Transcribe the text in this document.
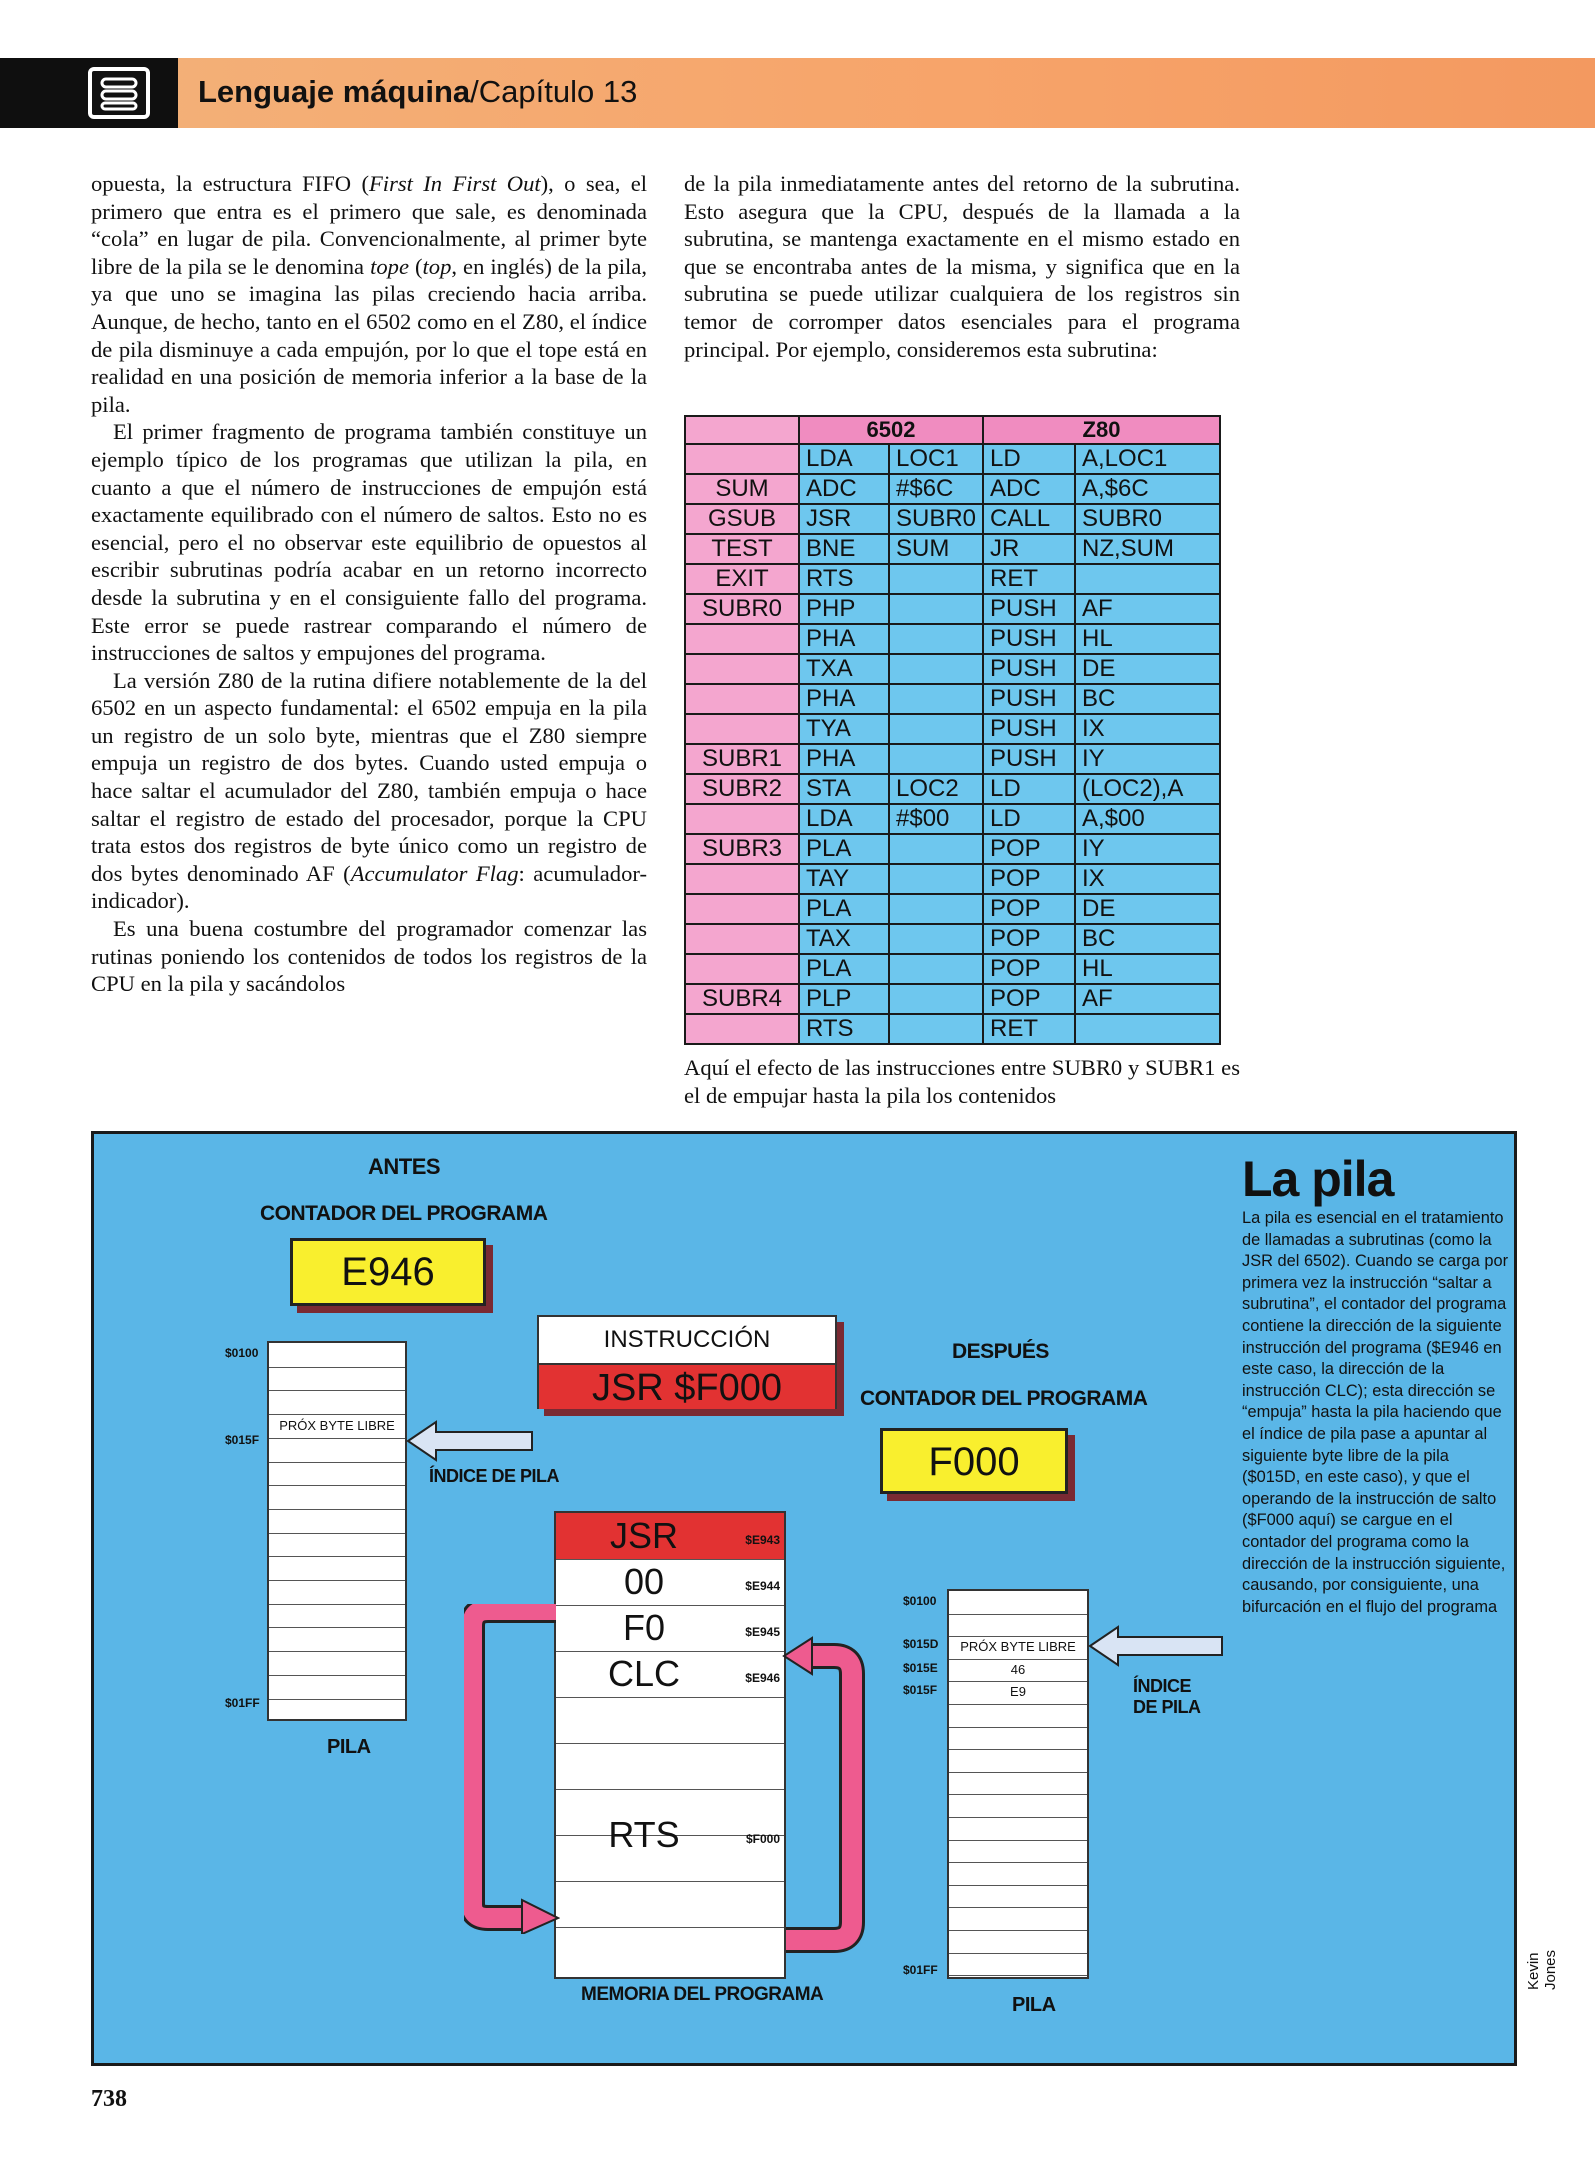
Lenguaje máquina/Capítulo 13

opuesta, la estructura FIFO (First In First Out), o sea, el primero que entra es el primero que sale, es denominada “cola” en lugar de pila. Convencionalmente, al primer byte libre de la pila se le denomina tope (top, en inglés) de la pila, ya que uno se imagina las pilas creciendo hacia arriba. Aunque, de hecho, tanto en el 6502 como en el Z80, el índice de pila disminuye a cada empujón, por lo que el tope está en realidad en una posición de memoria inferior a la base de la pila.

El primer fragmento de programa también constituye un ejemplo típico de los programas que utilizan la pila, en cuanto a que el número de instrucciones de empujón está exactamente equilibrado con el número de saltos. Esto no es esencial, pero el no observar este equilibrio de opuestos al escribir subrutinas podría acabar en un retorno incorrecto desde la subrutina y en el consiguiente fallo del programa. Este error se puede rastrear comparando el número de instrucciones de saltos y empujones del programa.

La versión Z80 de la rutina difiere notablemente de la del 6502 en un aspecto fundamental: el 6502 empuja en la pila un registro de un solo byte, mientras que el Z80 siempre empuja un registro de dos bytes. Cuando usted empuja o hace saltar el acumulador del Z80, también empuja o hace saltar el registro de estado del procesador, porque la CPU trata estos dos registros de byte único como un registro de dos bytes denominado AF (Accumulator Flag: acumulador-indicador).

Es una buena costumbre del programador comenzar las rutinas poniendo los contenidos de todos los registros de la CPU en la pila y sacándolos

de la pila inmediatamente antes del retorno de la subrutina. Esto asegura que la CPU, después de la llamada a la subrutina, se mantenga exactamente en el mismo estado en que se encontraba antes de la misma, y significa que en la subrutina se puede utilizar cualquiera de los registros sin temor de corromper datos esenciales para el programa principal. Por ejemplo, consideremos esta subrutina:

	6502		Z80	
	LDA	LOC1	LD	A,LOC1
SUM	ADC	#$6C	ADC	A,$6C
GSUB	JSR	SUBR0	CALL	SUBR0
TEST	BNE	SUM	JR	NZ,SUM
EXIT	RTS		RET	
SUBR0	PHP		PUSH	AF
	PHA		PUSH	HL
	TXA		PUSH	DE
	PHA		PUSH	BC
	TYA		PUSH	IX
SUBR1	PHA		PUSH	IY
SUBR2	STA	LOC2	LD	(LOC2),A
	LDA	#$00	LD	A,$00
SUBR3	PLA		POP	IY
	TAY		POP	IX
	PLA		POP	DE
	TAX		POP	BC
	PLA		POP	HL
SUBR4	PLP		POP	AF
	RTS		RET	

Aquí el efecto de las instrucciones entre SUBR0 y SUBR1 es el de empujar hasta la pila los contenidos

ANTES
CONTADOR DEL PROGRAMA
E946
$0100
$015F
$01FF
PRÓX BYTE LIBRE
PILA
ÍNDICE DE PILA
INSTRUCCIÓN
JSR $F000
DESPUÉS
CONTADOR DEL PROGRAMA
F000
JSR	$E943
00	$E944
F0	$E945
CLC	$E946
RTS	$F000
MEMORIA DEL PROGRAMA
$0100
$015D
$015E
$015F
$01FF
PRÓX BYTE LIBRE
46
E9
PILA
ÍNDICE
DE PILA
La pila
La pila es esencial en el tratamiento de llamadas a subrutinas (como la JSR del 6502). Cuando se carga por primera vez la instrucción “saltar a subrutina”, el contador del programa contiene la dirección de la siguiente instrucción del programa ($E946 en este caso, la dirección de la instrucción CLC); esta dirección se “empuja” hasta la pila haciendo que el índice de pila pase a apuntar al siguiente byte libre de la pila ($015D, en este caso), y que el operando de la instrucción de salto ($F000 aquí) se cargue en el contador del programa como la dirección de la instrucción siguiente, causando, por consiguiente, una bifurcación en el flujo del programa
Kevin Jones
738
